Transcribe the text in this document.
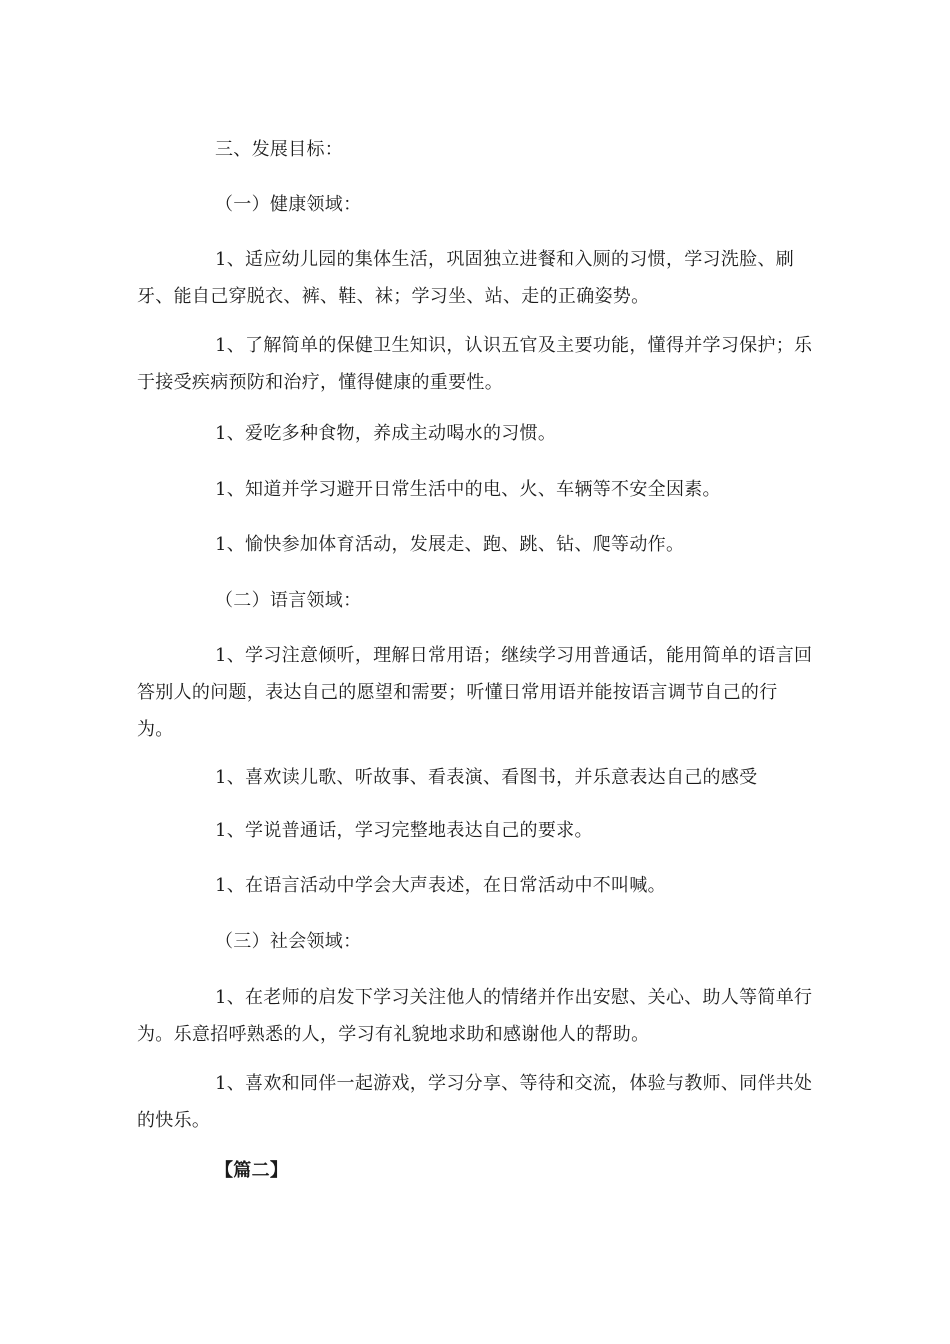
三、发展目标：
（一）健康领域：
1、适应幼儿园的集体生活，巩固独立进餐和入厕的习惯，学习洗脸、刷牙、能自己穿脱衣、裤、鞋、袜；学习坐、站、走的正确姿势。
1、了解简单的保健卫生知识，认识五官及主要功能，懂得并学习保护；乐于接受疾病预防和治疗，懂得健康的重要性。
1、爱吃多种食物，养成主动喝水的习惯。
1、知道并学习避开日常生活中的电、火、车辆等不安全因素。
1、愉快参加体育活动，发展走、跑、跳、钻、爬等动作。
（二）语言领域：
1、学习注意倾听，理解日常用语；继续学习用普通话，能用简单的语言回答别人的问题，表达自己的愿望和需要；听懂日常用语并能按语言调节自己的行为。
1、喜欢读儿歌、听故事、看表演、看图书，并乐意表达自己的感受
1、学说普通话，学习完整地表达自己的要求。
1、在语言活动中学会大声表述，在日常活动中不叫喊。
（三）社会领域：
1、在老师的启发下学习关注他人的情绪并作出安慰、关心、助人等简单行为。乐意招呼熟悉的人，学习有礼貌地求助和感谢他人的帮助。
1、喜欢和同伴一起游戏，学习分享、等待和交流，体验与教师、同伴共处的快乐。
【篇二】
